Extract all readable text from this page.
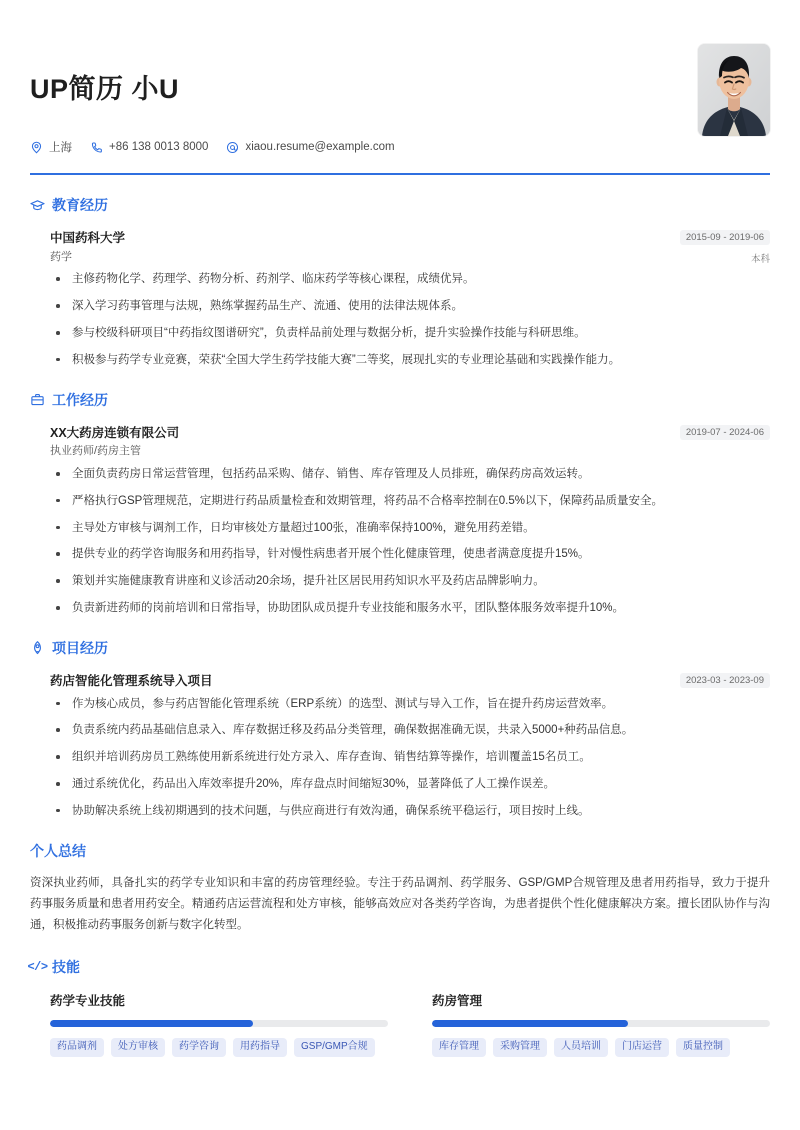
UP简历 小U
上海	+86 138 0013 8000	xiaou.resume@example.com
教育经历
中国药科大学
药学
2015-09 - 2019-06
本科
主修药物化学、药理学、药物分析、药剂学、临床药学等核心课程，成绩优异。
深入学习药事管理与法规，熟练掌握药品生产、流通、使用的法律法规体系。
参与校级科研项目“中药指纹图谱研究”，负责样品前处理与数据分析，提升实验操作技能与科研思维。
积极参与药学专业竞赛，荣获“全国大学生药学技能大赛”二等奖，展现扎实的专业理论基础和实践操作能力。
工作经历
XX大药房连锁有限公司
执业药师/药房主管
2019-07 - 2024-06
全面负责药房日常运营管理，包括药品采购、储存、销售、库存管理及人员排班，确保药房高效运转。
严格执行GSP管理规范，定期进行药品质量检查和效期管理，将药品不合格率控制在0.5%以下，保障药品质量安全。
主导处方审核与调剂工作，日均审核处方量超过100张，准确率保持100%，避免用药差错。
提供专业的药学咨询服务和用药指导，针对慢性病患者开展个性化健康管理，使患者满意度提升15%。
策划并实施健康教育讲座和义诊活动20余场，提升社区居民用药知识水平及药店品牌影响力。
负责新进药师的岗前培训和日常指导，协助团队成员提升专业技能和服务水平，团队整体服务效率提升10%。
项目经历
药店智能化管理系统导入项目	2023-03 - 2023-09
作为核心成员，参与药店智能化管理系统（ERP系统）的选型、测试与导入工作，旨在提升药房运营效率。
负责系统内药品基础信息录入、库存数据迁移及药品分类管理，确保数据准确无误，共录入5000+种药品信息。
组织并培训药房员工熟练使用新系统进行处方录入、库存查询、销售结算等操作，培训覆盖15名员工。
通过系统优化，药品出入库效率提升20%，库存盘点时间缩短30%，显著降低了人工操作误差。
协助解决系统上线初期遇到的技术问题，与供应商进行有效沟通，确保系统平稳运行，项目按时上线。
个人总结
资深执业药师，具备扎实的药学专业知识和丰富的药房管理经验。专注于药品调剂、药学服务、GSP/GMP合规管理及患者用药指导，致力于提升药事服务质量和患者用药安全。精通药店运营流程和处方审核，能够高效应对各类药学咨询，为患者提供个性化健康解决方案。擅长团队协作与沟通，积极推动药事服务创新与数字化转型。
</> 技能
药学专业技能
药品调剂	处方审核	药学咨询	用药指导	GSP/GMP合规
药房管理
库存管理	采购管理	人员培训	门店运营	质量控制
